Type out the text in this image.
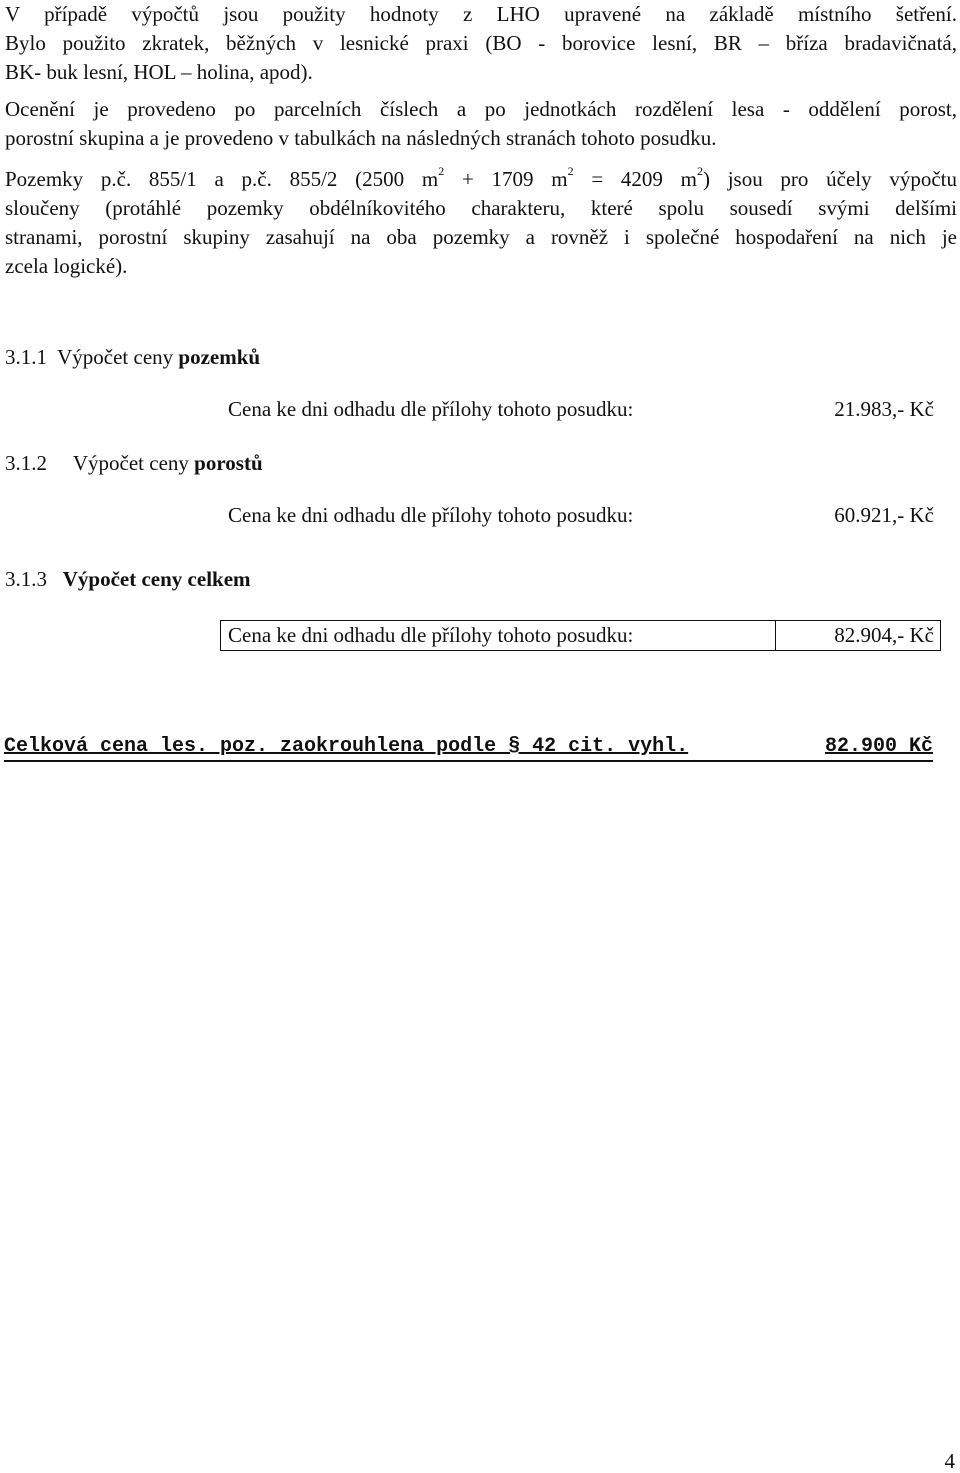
V případě výpočtů jsou použity hodnoty z LHO upravené na základě místního šetření.
Bylo použito zkratek, běžných v lesnické praxi (BO - borovice lesní, BR – bříza bradavičnatá,
BK- buk lesní, HOL – holina, apod).

Ocenění je provedeno po parcelních číslech a po jednotkách rozdělení lesa - oddělení porost,
porostní skupina a je provedeno v tabulkách na následných stranách tohoto posudku.

Pozemky p.č. 855/1 a p.č. 855/2 (2500 $m^2 + 1709$ $m^2 = 4209$ $m^2$) jsou pro účely výpočtu
sloučeny (protáhlé pozemky obdélníkovitého charakteru, které spolu sousedí svými delšími
stranami, porostní skupiny zasahují na oba pozemky a rovněž i společné hospodaření na nich je
zcela logické).

3.1.1 Výpočet ceny pozemků
Cena ke dni odhadu dle přílohy tohoto posudku:	21.983,- Kč
3.1.2 Výpočet ceny porostů
Cena ke dni odhadu dle přílohy tohoto posudku:	60.921,- Kč
3.1.3 Výpočet ceny celkem
Cena ke dni odhadu dle přílohy tohoto posudku:	82.904,- Kč
Celková cena les. poz. zaokrouhlena podle § 42 cit. vyhl.	82.900 Kč
4
